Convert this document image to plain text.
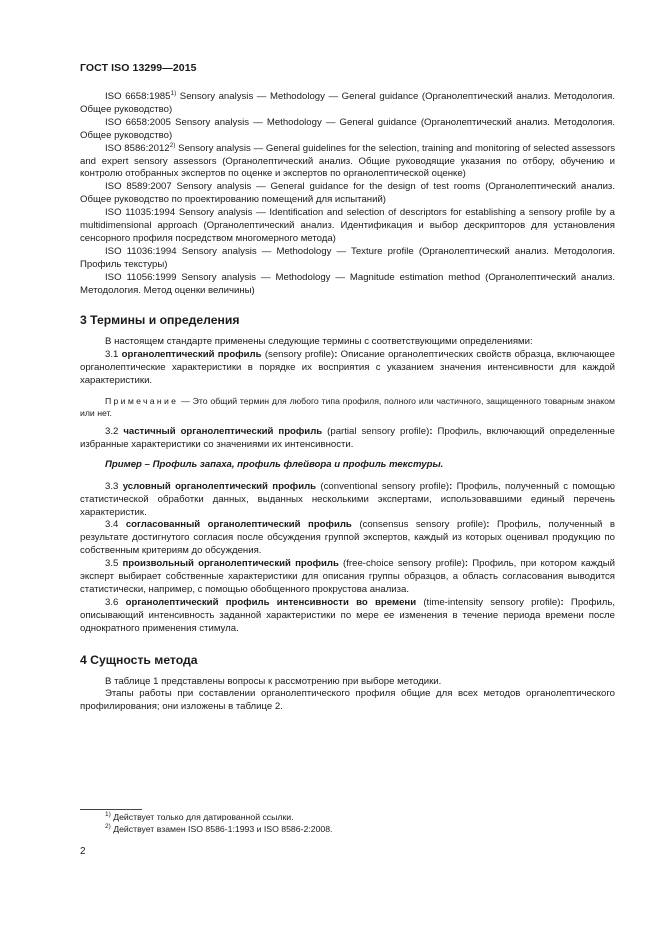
ГОСТ ISO 13299—2015

ISO 6658:1985$^{1)}$ Sensory analysis — Methodology — General guidance (Органолептический анализ. Методология. Общее руководство)

ISO 6658:2005 Sensory analysis — Methodology — General guidance (Органолептический анализ. Методология. Общее руководство)

ISO 8586:2012$^{2)}$ Sensory analysis — General guidelines for the selection, training and monitoring of selected assessors and expert sensory assessors (Органолептический анализ. Общие руководящие указания по отбору, обучению и контролю отобранных экспертов по оценке и экспертов по органолептической оценке)

ISO 8589:2007 Sensory analysis — General guidance for the design of test rooms (Органолептический анализ. Общее руководство по проектированию помещений для испытаний)

ISO 11035:1994 Sensory analysis — Identification and selection of descriptors for establishing a sensory profile by a multidimensional approach (Органолептический анализ. Идентификация и выбор дескрипторов для установления сенсорного профиля посредством многомерного метода)

ISO 11036:1994 Sensory analysis — Methodology — Texture profile (Органолептический анализ. Методология. Профиль текстуры)

ISO 11056:1999 Sensory analysis — Methodology — Magnitude estimation method (Органолептический анализ. Методология. Метод оценки величины)

3 Термины и определения

В настоящем стандарте применены следующие термины с соответствующими определениями:

3.1 органолептический профиль (sensory profile): Описание органолептических свойств образца, включающее органолептические характеристики в порядке их восприятия с указанием значения интенсивности для каждой характеристики.

Примечание — Это общий термин для любого типа профиля, полного или частичного, защищенного товарным знаком или нет.

3.2 частичный органолептический профиль (partial sensory profile): Профиль, включающий определенные избранные характеристики со значениями их интенсивности.

Пример – Профиль запаха, профиль флейвора и профиль текстуры.

3.3 условный органолептический профиль (conventional sensory profile): Профиль, полученный с помощью статистической обработки данных, выданных несколькими экспертами, использовавшими единый перечень характеристик.

3.4 согласованный органолептический профиль (consensus sensory profile): Профиль, полученный в результате достигнутого согласия после обсуждения группой экспертов, каждый из которых оценивал продукцию по собственным критериям до обсуждения.

3.5 произвольный органолептический профиль (free-choice sensory profile): Профиль, при котором каждый эксперт выбирает собственные характеристики для описания группы образцов, а область согласования выводится статистически, например, с помощью обобщенного прокрустова анализа.

3.6 органолептический профиль интенсивности во времени (time-intensity sensory profile): Профиль, описывающий интенсивность заданной характеристики по мере ее изменения в течение периода времени после однократного применения стимула.

4 Сущность метода

В таблице 1 представлены вопросы к рассмотрению при выборе методики.

Этапы работы при составлении органолептического профиля общие для всех методов органолептического профилирования; они изложены в таблице 2.

$^{1)}$ Действует только для датированной ссылки.
$^{2)}$ Действует взамен ISO 8586-1:1993 и ISO 8586-2:2008.
2
